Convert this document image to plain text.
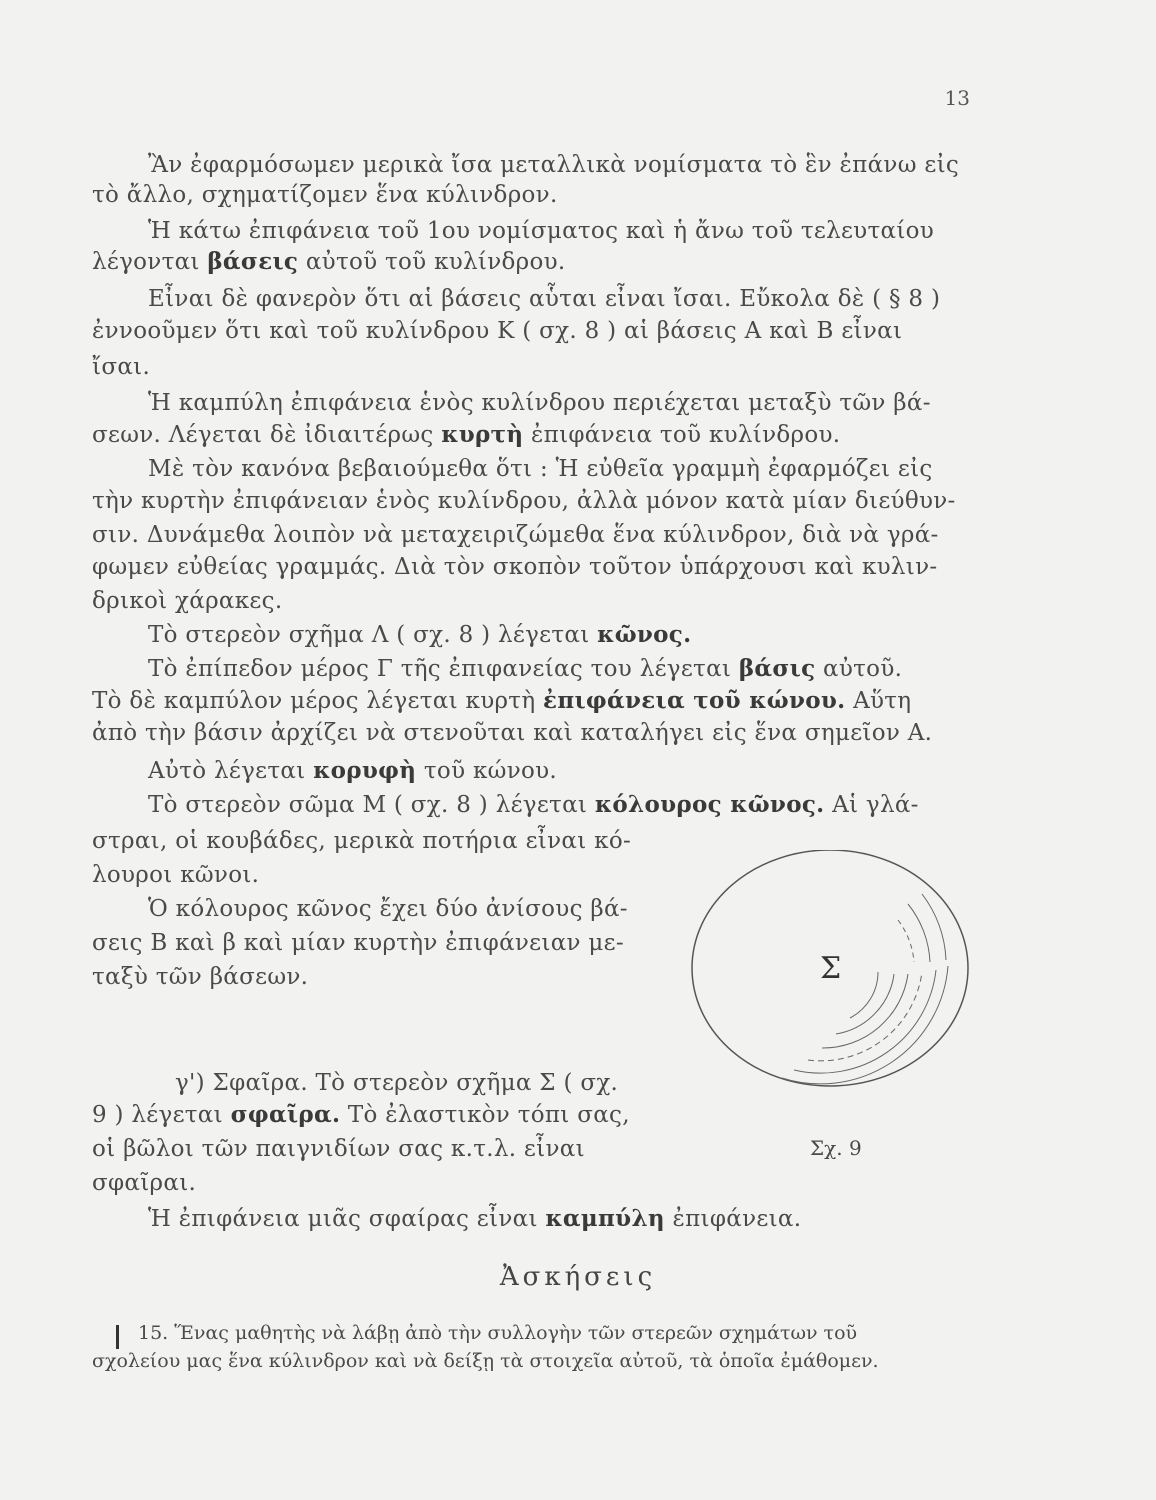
13
Ἂν ἐφαρμόσωμεν μερικὰ ἴσα μεταλλικὰ νομίσματα τὸ ἓν ἐπάνω εἰς
τὸ ἄλλο, σχηματίζομεν ἕνα κύλινδρον.
Ἡ κάτω ἐπιφάνεια τοῦ 1ου νομίσματος καὶ ἡ ἄνω τοῦ τελευταίου
λέγονται βάσεις αὐτοῦ τοῦ κυλίνδρου.
Εἶναι δὲ φανερὸν ὅτι αἱ βάσεις αὗται εἶναι ἴσαι. Εὔκολα δὲ ( § 8 )
ἐννοοῦμεν ὅτι καὶ τοῦ κυλίνδρου Κ ( σχ. 8 ) αἱ βάσεις Α καὶ Β εἶναι
ἴσαι.
Ἡ καμπύλη ἐπιφάνεια ἑνὸς κυλίνδρου περιέχεται μεταξὺ τῶν βά-
σεων. Λέγεται δὲ ἰδιαιτέρως κυρτὴ ἐπιφάνεια τοῦ κυλίνδρου.
Μὲ τὸν κανόνα βεβαιούμεθα ὅτι : Ἡ εὐθεῖα γραμμὴ ἐφαρμόζει εἰς
τὴν κυρτὴν ἐπιφάνειαν ἑνὸς κυλίνδρου, ἀλλὰ μόνον κατὰ μίαν διεύθυν-
σιν. Δυνάμεθα λοιπὸν νὰ μεταχειριζώμεθα ἕνα κύλινδρον, διὰ νὰ γρά-
φωμεν εὐθείας γραμμάς. Διὰ τὸν σκοπὸν τοῦτον ὑπάρχουσι καὶ κυλιν-
δρικοὶ χάρακες.
Τὸ στερεὸν σχῆμα Λ ( σχ. 8 ) λέγεται κῶνος.
Τὸ ἐπίπεδον μέρος Γ τῆς ἐπιφανείας του λέγεται βάσις αὐτοῦ.
Τὸ δὲ καμπύλον μέρος λέγεται κυρτὴ ἐπιφάνεια τοῦ κώνου. Αὕτη
ἀπὸ τὴν βάσιν ἀρχίζει νὰ στενοῦται καὶ καταλήγει εἰς ἕνα σημεῖον Α.
Αὐτὸ λέγεται κορυφὴ τοῦ κώνου.
Τὸ στερεὸν σῶμα Μ ( σχ. 8 ) λέγεται κόλουρος κῶνος. Αἱ γλά-
στραι, οἱ κουβάδες, μερικὰ ποτήρια εἶναι κό-
λουροι κῶνοι.
Ὁ κόλουρος κῶνος ἔχει δύο ἀνίσους βά-
σεις Β καὶ β καὶ μίαν κυρτὴν ἐπιφάνειαν με-
ταξὺ τῶν βάσεων.
γ') Σφαῖρα. Τὸ στερεὸν σχῆμα Σ ( σχ.
9 ) λέγεται σφαῖρα. Τὸ ἐλαστικὸν τόπι σας,
οἱ βῶλοι τῶν παιγνιδίων σας κ.τ.λ. εἶναι
σφαῖραι.
Ἡ ἐπιφάνεια μιᾶς σφαίρας εἶναι καμπύλη ἐπιφάνεια.
Ἀσκήσεις
15. Ἕνας μαθητὴς νὰ λάβῃ ἀπὸ τὴν συλλογὴν τῶν στερεῶν σχημάτων τοῦ
σχολείου μας ἕνα κύλινδρον καὶ νὰ δείξῃ τὰ στοιχεῖα αὐτοῦ, τὰ ὁποῖα ἐμάθομεν.
Σ
Σχ. 9
